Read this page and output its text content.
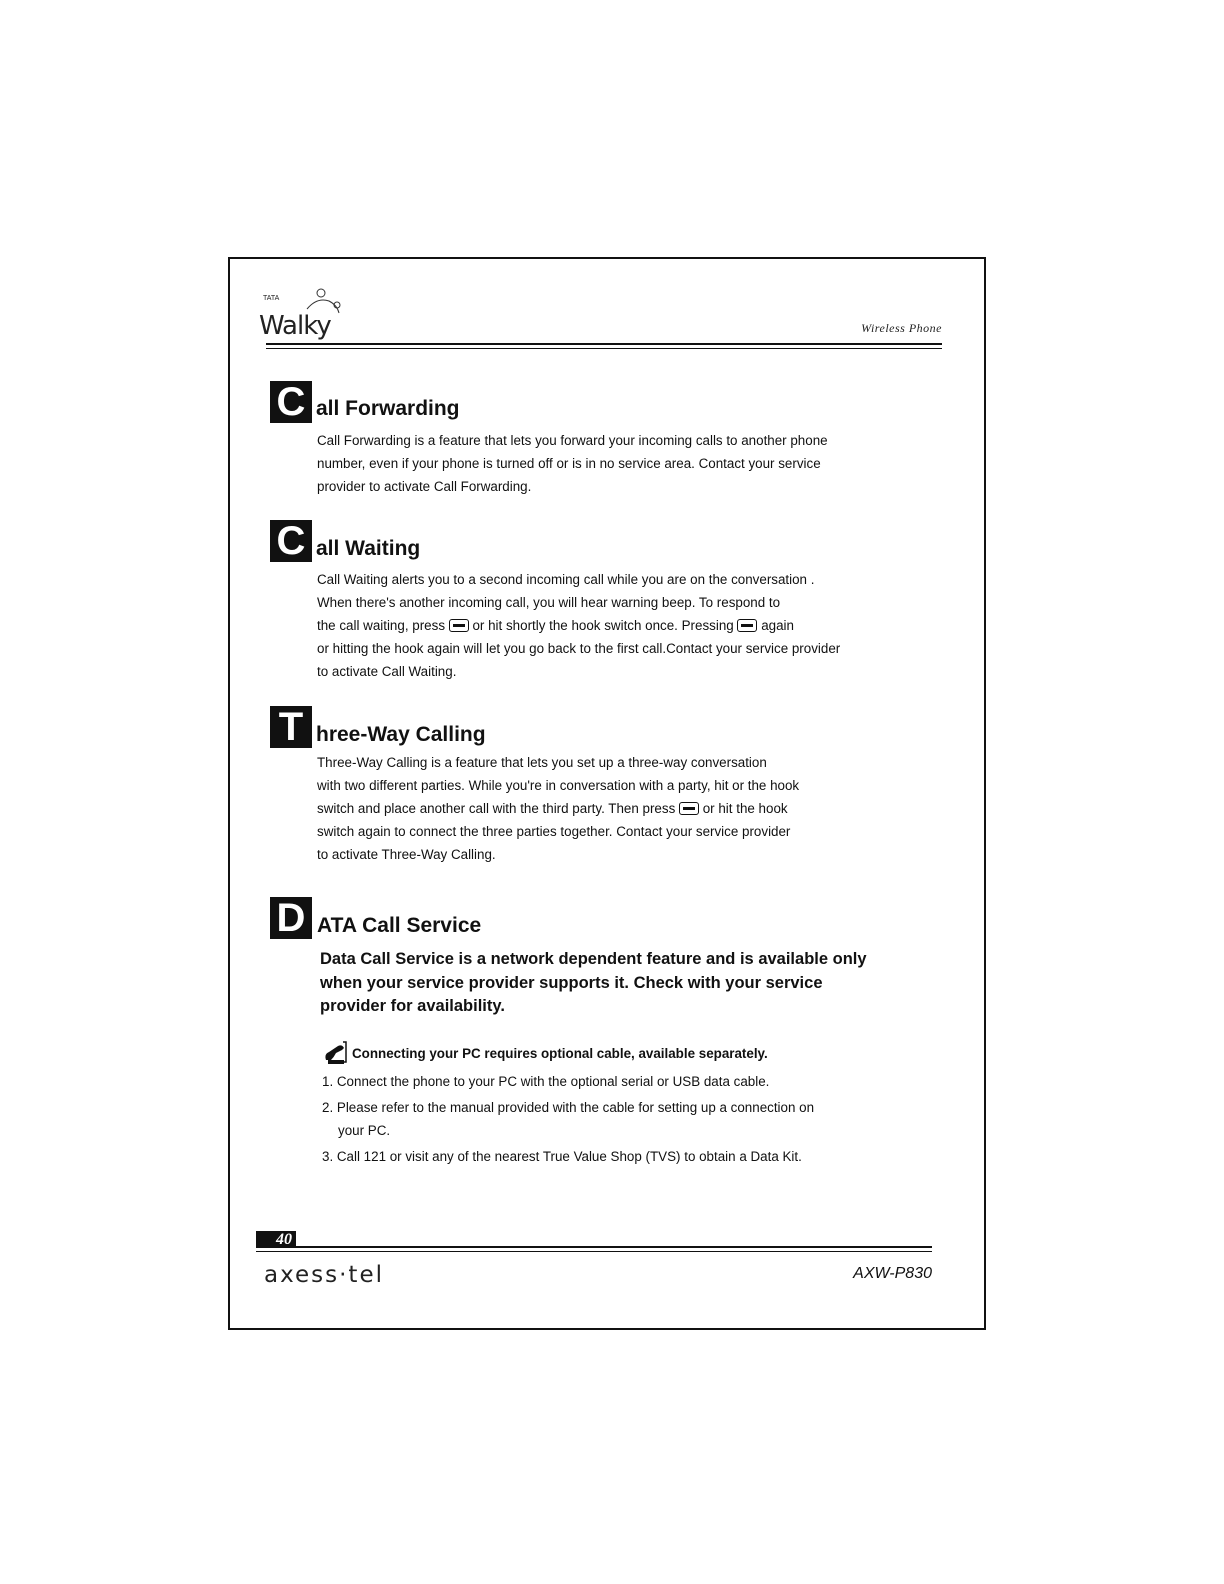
TATA
Walky	Wireless Phone
C all Forwarding
Call Forwarding is a feature that lets you forward your incoming calls to another phone
number, even if your phone is turned off or is in no service area. Contact your service
provider to activate Call Forwarding.
C all Waiting
Call Waiting alerts you to a second incoming call while you are on the conversation .
When there's another incoming call, you will hear warning beep. To respond to
the call waiting, press or hit shortly the hook switch once. Pressing again
or hitting the hook again will let you go back to the first call.Contact your service provider
to activate Call Waiting.
T hree-Way Calling
Three-Way Calling is a feature that lets you set up a three-way conversation
with two different parties. While you're in conversation with a party, hit or the hook
switch and place another call with the third party. Then press or hit the hook
switch again to connect the three parties together. Contact your service provider
to activate Three-Way Calling.
D ATA Call Service
Data Call Service is a network dependent feature and is available only
when your service provider supports it. Check with your service
provider for availability.
Connecting your PC requires optional cable, available separately.
1. Connect the phone to your PC with the optional serial or USB data cable.
2. Please refer to the manual provided with the cable for setting up a connection on
your PC.
3. Call 121 or visit any of the nearest True Value Shop (TVS) to obtain a Data Kit.
40
axess·tel	AXW-P830
